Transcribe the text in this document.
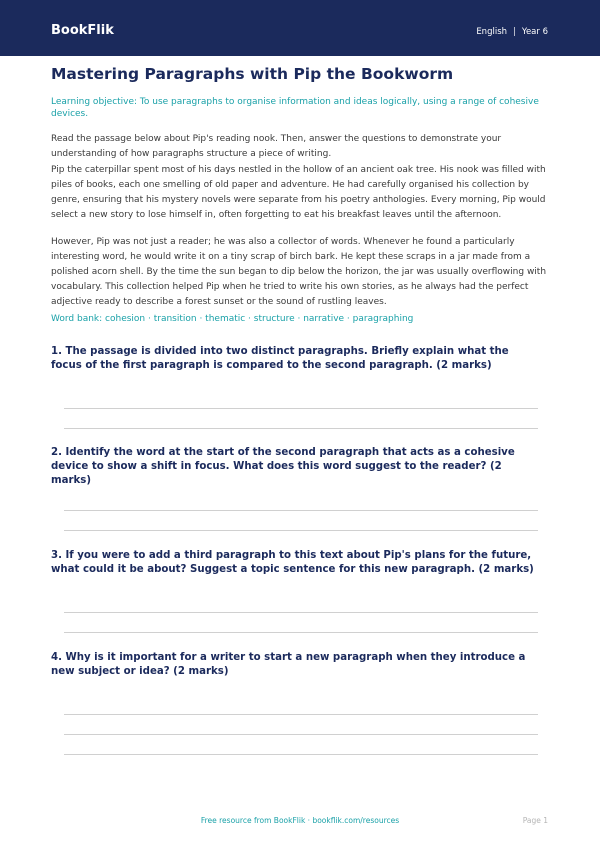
BookFlik	English | Year 6
Mastering Paragraphs with Pip the Bookworm

Learning objective: To use paragraphs to organise information and ideas logically, using a range of cohesive devices.

Read the passage below about Pip's reading nook. Then, answer the questions to demonstrate your understanding of how paragraphs structure a piece of writing.

Pip the caterpillar spent most of his days nestled in the hollow of an ancient oak tree. His nook was filled with piles of books, each one smelling of old paper and adventure. He had carefully organised his collection by genre, ensuring that his mystery novels were separate from his poetry anthologies. Every morning, Pip would select a new story to lose himself in, often forgetting to eat his breakfast leaves until the afternoon.

However, Pip was not just a reader; he was also a collector of words. Whenever he found a particularly interesting word, he would write it on a tiny scrap of birch bark. He kept these scraps in a jar made from a polished acorn shell. By the time the sun began to dip below the horizon, the jar was usually overflowing with vocabulary. This collection helped Pip when he tried to write his own stories, as he always had the perfect adjective ready to describe a forest sunset or the sound of rustling leaves.

Word bank: cohesion · transition · thematic · structure · narrative · paragraphing

1. The passage is divided into two distinct paragraphs. Briefly explain what the focus of the first paragraph is compared to the second paragraph. (2 marks)

2. Identify the word at the start of the second paragraph that acts as a cohesive device to show a shift in focus. What does this word suggest to the reader? (2 marks)

3. If you were to add a third paragraph to this text about Pip's plans for the future, what could it be about? Suggest a topic sentence for this new paragraph. (2 marks)

4. Why is it important for a writer to start a new paragraph when they introduce a new subject or idea? (2 marks)

Free resource from BookFlik · bookflik.com/resources	Page 1
